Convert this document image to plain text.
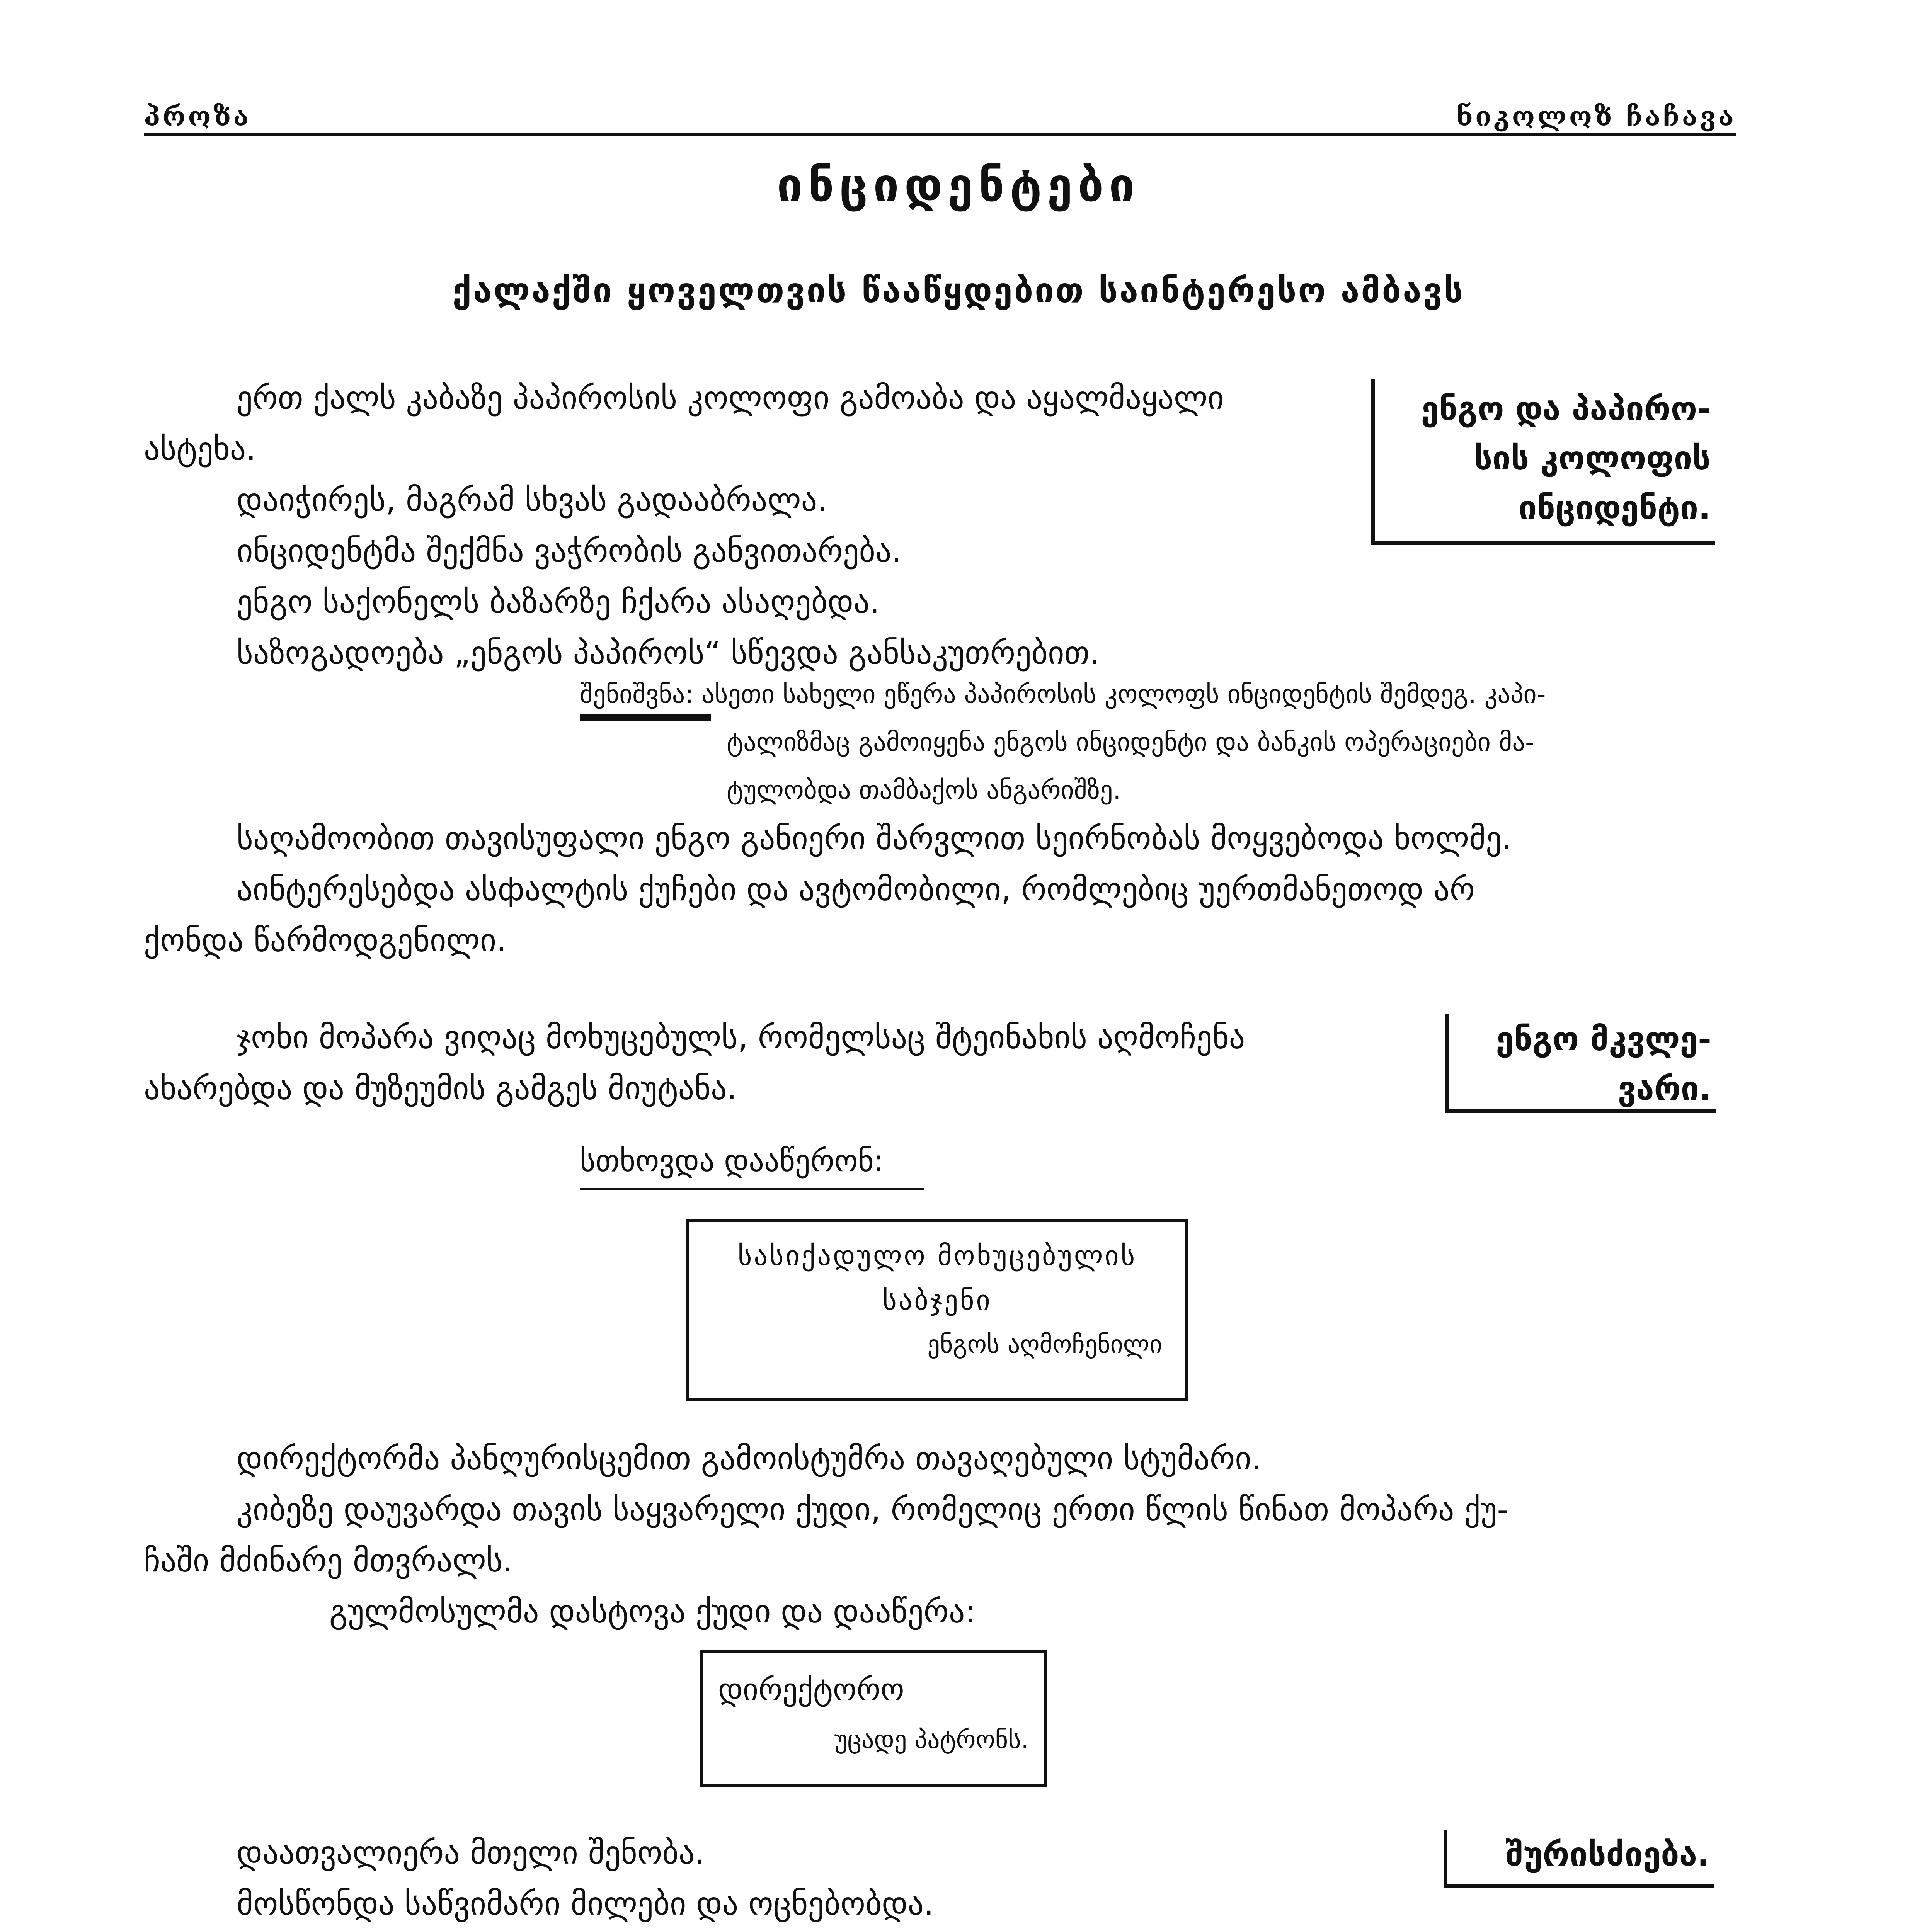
პროზა	ნიკოლოზ ჩაჩავა
ინციდენტები
ქალაქში ყოველთვის წააწყდებით საინტერესო ამბავს
ერთ ქალს კაბაზე პაპიროსის კოლოფი გამოაბა და აყალმაყალი
ასტეხა.
დაიჭირეს, მაგრამ სხვას გადააბრალა.
ინციდენტმა შექმნა ვაჭრობის განვითარება.
ენგო საქონელს ბაზარზე ჩქარა ასაღებდა.
საზოგადოება „ენგოს პაპიროს“ სწევდა განსაკუთრებით.
ენგო და პაპირო-
სის კოლოფის
ინციდენტი.
შენიშვნა: ასეთი სახელი ეწერა პაპიროსის კოლოფს ინციდენტის შემდეგ. კაპი-
ტალიზმაც გამოიყენა ენგოს ინციდენტი და ბანკის ოპერაციები მა-
ტულობდა თამბაქოს ანგარიშზე.
საღამოობით თავისუფალი ენგო განიერი შარვლით სეირნობას მოყვებოდა ხოლმე.
აინტერესებდა ასфალტის ქუჩები და ავტომობილი, რომლებიც უერთმანეთოდ არ
ქონდა წარმოდგენილი.
ჯოხი მოპარა ვიღაც მოხუცებულს, რომელსაც შტეინახის აღმოჩენა
ახარებდა და მუზეუმის გამგეს მიუტანა.
ენგო მკვლე-
ვარი.
სთხოვდა დააწერონ:
სასიქადულო მოხუცებულის
საბჯენი
ენგოს აღმოჩენილი
დირექტორმა პანღურისცემით გამოისტუმრა თავაღებული სტუმარი.
კიბეზე დაუვარდა თავის საყვარელი ქუდი, რომელიც ერთი წლის წინათ მოპარა ქუ-
ჩაში მძინარე მთვრალს.
გულმოსულმა დასტოვა ქუდი და დააწერა:
დირექტორო
უცადე პატრონს.
დაათვალიერა მთელი შენობა.
მოსწონდა საწვიმარი მილები და ოცნებობდა.
შურისძიება.
